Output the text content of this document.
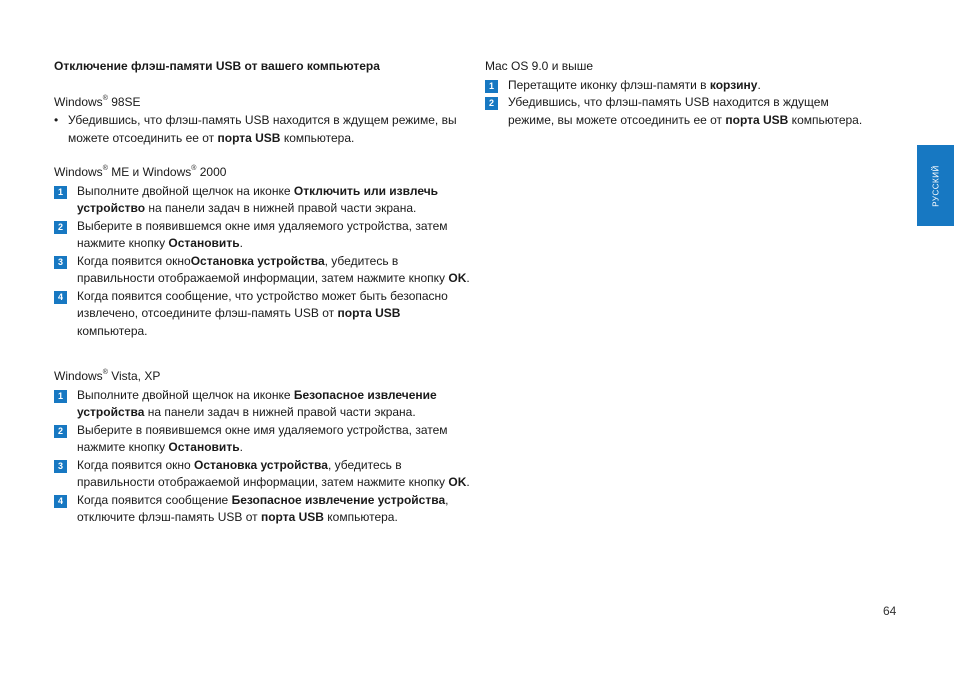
Отключение флэш-памяти USB от вашего компьютера
Windows® 98SE
• Убедившись, что флэш-память USB находится в ждущем режиме, вы можете отсоединить ее от порта USB компьютера.
Windows® ME и Windows® 2000
1	Выполните двойной щелчок на иконке Отключить или извлечь устройство на панели задач в нижней правой части экрана.
2	Выберите в появившемся окне имя удаляемого устройства, затем нажмите кнопку Остановить.
3	Когда появится окноОстановка устройства, убедитесь в правильности отображаемой информации, затем нажмите кнопку OK.
4	Когда появится сообщение, что устройство может быть безопасно извлечено, отсоедините флэш-память USB от порта USB компьютера.
Windows® Vista, XP
1	Выполните двойной щелчок на иконке Безопасное извлечение устройства на панели задач в нижней правой части экрана.
2	Выберите в появившемся окне имя удаляемого устройства, затем нажмите кнопку Остановить.
3	Когда появится окно Остановка устройства, убедитесь в правильности отображаемой информации, затем нажмите кнопку OK.
4	Когда появится сообщение Безопасное извлечение устройства, отключите флэш-память USB от порта USB компьютера.
Mac OS 9.0 и выше
1	Перетащите иконку флэш-памяти в корзину.
2	Убедившись, что флэш-память USB находится в ждущем режиме, вы можете отсоединить ее от порта USB компьютера.
РУССКИЙ
64
